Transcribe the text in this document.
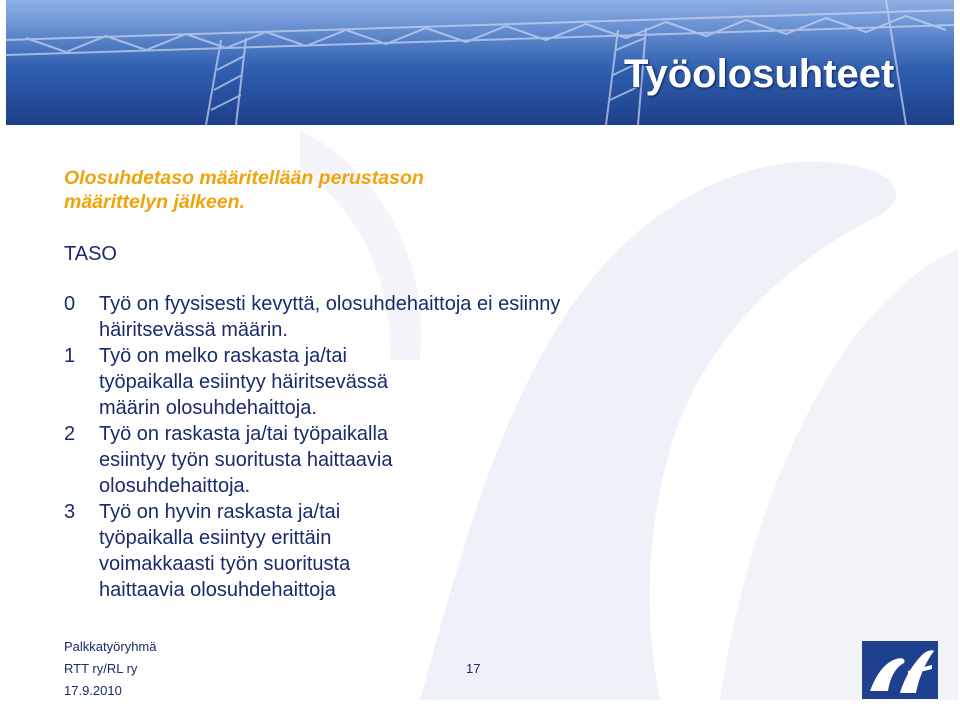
Työolosuhteet
Olosuhdetaso määritellään perustason määrittelyn jälkeen.
TASO
0	Työ on fyysisesti kevyttä, olosuhdehaittoja ei esiinny häiritsevässä määrin.
1	Työ on melko raskasta ja/tai työpaikalla esiintyy häiritsevässä määrin olosuhdehaittoja.
2	Työ on raskasta ja/tai työpaikalla esiintyy työn suoritusta haittaavia olosuhdehaittoja.
3	Työ on hyvin raskasta ja/tai työpaikalla esiintyy erittäin voimakkaasti työn suoritusta haittaavia olosuhdehaittoja
Palkkatyöryhmä
RTT ry/RL ry
17.9.2010
17
